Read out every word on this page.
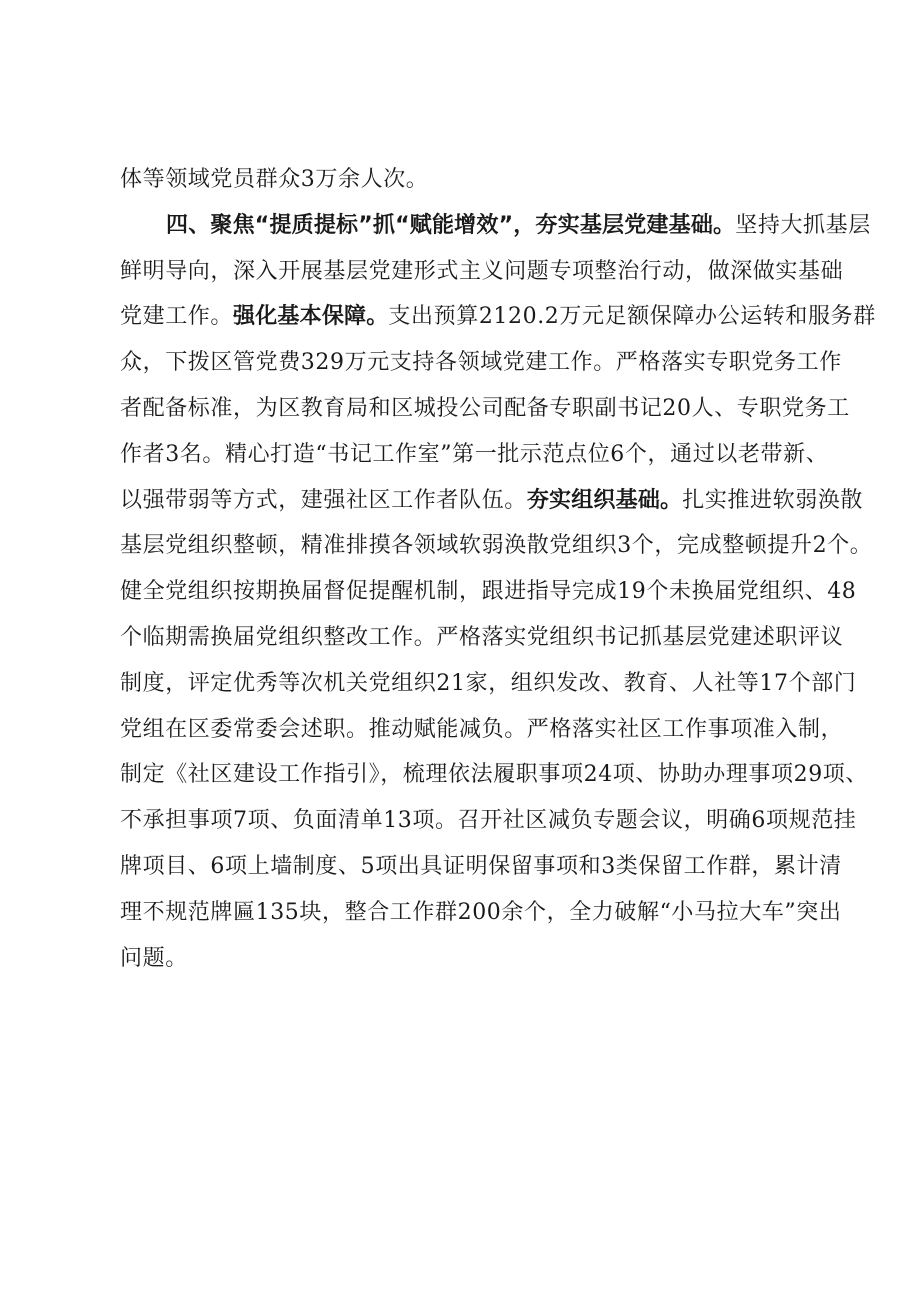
体等领域党员群众3万余人次。
四、聚焦“提质提标”抓“赋能增效”，夯实基层党建基础。坚持大抓基层
鲜明导向，深入开展基层党建形式主义问题专项整治行动，做深做实基础
党建工作。强化基本保障。支出预算2120.2万元足额保障办公运转和服务群
众，下拨区管党费329万元支持各领域党建工作。严格落实专职党务工作
者配备标准，为区教育局和区城投公司配备专职副书记20人、专职党务工
作者3名。精心打造“书记工作室”第一批示范点位6个，通过以老带新、
以强带弱等方式，建强社区工作者队伍。夯实组织基础。扎实推进软弱涣散
基层党组织整顿，精准排摸各领域软弱涣散党组织3个，完成整顿提升2个。
健全党组织按期换届督促提醒机制，跟进指导完成19个未换届党组织、48
个临期需换届党组织整改工作。严格落实党组织书记抓基层党建述职评议
制度，评定优秀等次机关党组织21家，组织发改、教育、人社等17个部门
党组在区委常委会述职。推动赋能减负。严格落实社区工作事项准入制，
制定《社区建设工作指引》，梳理依法履职事项24项、协助办理事项29项、
不承担事项7项、负面清单13项。召开社区减负专题会议，明确6项规范挂
牌项目、6项上墙制度、5项出具证明保留事项和3类保留工作群，累计清
理不规范牌匾135块，整合工作群200余个，全力破解“小马拉大车”突出
问题。
